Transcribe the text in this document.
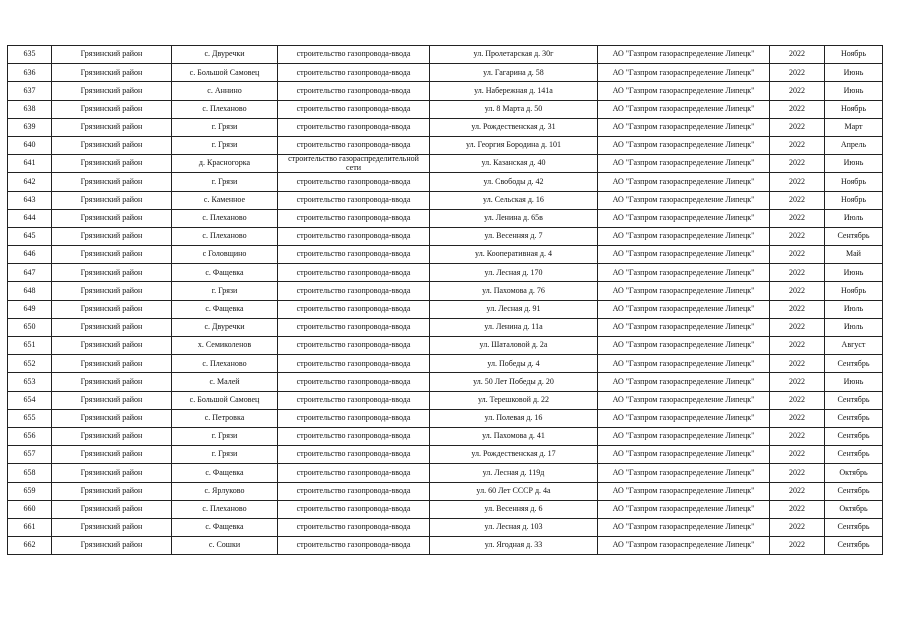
635	Грязинский район	с. Двуречки	строительство газопровода-ввода	ул. Пролетарская д. 30г	АО "Газпром газораспределение Липецк"	2022	Ноябрь
636	Грязинский район	с. Большой Самовец	строительство газопровода-ввода	ул. Гагарина д. 58	АО "Газпром газораспределение Липецк"	2022	Июнь
637	Грязинский район	с. Аннино	строительство газопровода-ввода	ул. Набережная д. 141а	АО "Газпром газораспределение Липецк"	2022	Июнь
638	Грязинский район	с. Плеханово	строительство газопровода-ввода	ул. 8 Марта д. 50	АО "Газпром газораспределение Липецк"	2022	Ноябрь
639	Грязинский район	г. Грязи	строительство газопровода-ввода	ул. Рождественская д. 31	АО "Газпром газораспределение Липецк"	2022	Март
640	Грязинский район	г. Грязи	строительство газопровода-ввода	ул. Георгия Бородина д. 101	АО "Газпром газораспределение Липецк"	2022	Апрель
641	Грязинский район	д. Красногорка	строительство газораспределительной сети	ул. Казанская д. 40	АО "Газпром газораспределение Липецк"	2022	Июнь
642	Грязинский район	г. Грязи	строительство газопровода-ввода	ул. Свободы д. 42	АО "Газпром газораспределение Липецк"	2022	Ноябрь
643	Грязинский район	с. Каменное	строительство газопровода-ввода	ул. Сельская д. 16	АО "Газпром газораспределение Липецк"	2022	Ноябрь
644	Грязинский район	с. Плеханово	строительство газопровода-ввода	ул. Ленина д. 65в	АО "Газпром газораспределение Липецк"	2022	Июль
645	Грязинский район	с. Плеханово	строительство газопровода-ввода	ул. Весенняя д. 7	АО "Газпром газораспределение Липецк"	2022	Сентябрь
646	Грязинский район	с Головщино	строительство газопровода-ввода	ул. Кооперативная д. 4	АО "Газпром газораспределение Липецк"	2022	Май
647	Грязинский район	с. Фащевка	строительство газопровода-ввода	ул. Лесная д. 170	АО "Газпром газораспределение Липецк"	2022	Июнь
648	Грязинский район	г. Грязи	строительство газопровода-ввода	ул. Пахомова д. 76	АО "Газпром газораспределение Липецк"	2022	Ноябрь
649	Грязинский район	с. Фащевка	строительство газопровода-ввода	ул. Лесная д. 91	АО "Газпром газораспределение Липецк"	2022	Июль
650	Грязинский район	с. Двуречки	строительство газопровода-ввода	ул. Ленина д. 11а	АО "Газпром газораспределение Липецк"	2022	Июль
651	Грязинский район	х. Семиколенов	строительство газопровода-ввода	ул. Шаталовой д. 2а	АО "Газпром газораспределение Липецк"	2022	Август
652	Грязинский район	с. Плеханово	строительство газопровода-ввода	ул. Победы д. 4	АО "Газпром газораспределение Липецк"	2022	Сентябрь
653	Грязинский район	с. Малей	строительство газопровода-ввода	ул. 50 Лет Победы д. 20	АО "Газпром газораспределение Липецк"	2022	Июнь
654	Грязинский район	с. Большой Самовец	строительство газопровода-ввода	ул. Терешковой д. 22	АО "Газпром газораспределение Липецк"	2022	Сентябрь
655	Грязинский район	с. Петровка	строительство газопровода-ввода	ул. Полевая д. 16	АО "Газпром газораспределение Липецк"	2022	Сентябрь
656	Грязинский район	г. Грязи	строительство газопровода-ввода	ул. Пахомова д. 41	АО "Газпром газораспределение Липецк"	2022	Сентябрь
657	Грязинский район	г. Грязи	строительство газопровода-ввода	ул. Рождественская д. 17	АО "Газпром газораспределение Липецк"	2022	Сентябрь
658	Грязинский район	с. Фащевка	строительство газопровода-ввода	ул. Лесная д. 119д	АО "Газпром газораспределение Липецк"	2022	Октябрь
659	Грязинский район	с. Ярлуково	строительство газопровода-ввода	ул. 60 Лет СССР д. 4а	АО "Газпром газораспределение Липецк"	2022	Сентябрь
660	Грязинский район	с. Плеханово	строительство газопровода-ввода	ул. Весенняя д. 6	АО "Газпром газораспределение Липецк"	2022	Октябрь
661	Грязинский район	с. Фащевка	строительство газопровода-ввода	ул. Лесная д. 103	АО "Газпром газораспределение Липецк"	2022	Сентябрь
662	Грязинский район	с. Сошки	строительство газопровода-ввода	ул. Ягодная д. 33	АО "Газпром газораспределение Липецк"	2022	Сентябрь
